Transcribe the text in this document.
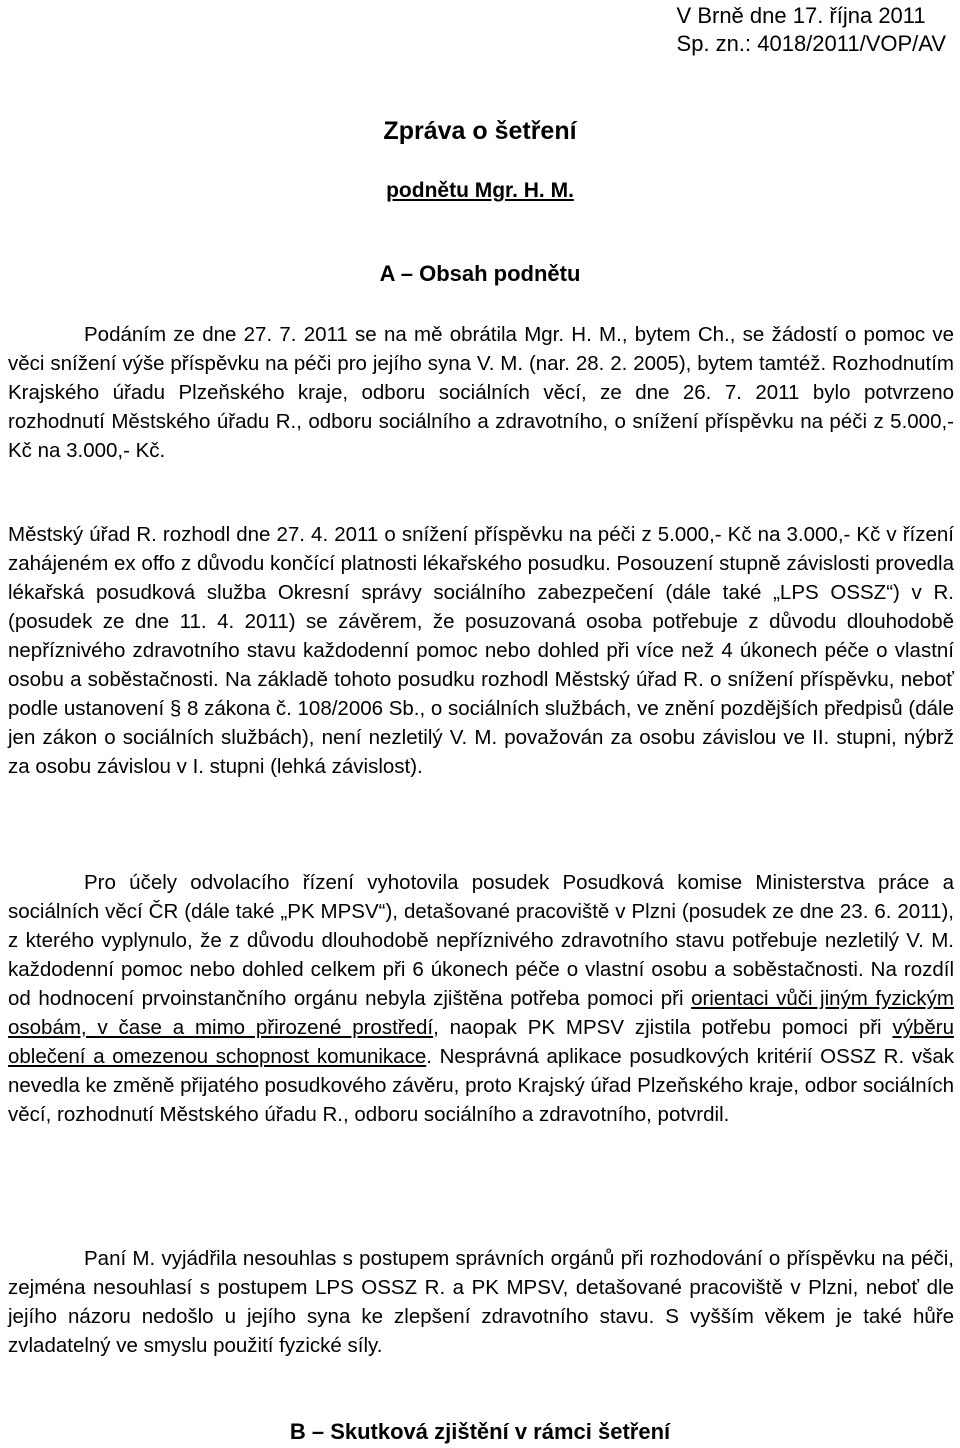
V Brně dne 17. října 2011
Sp. zn.: 4018/2011/VOP/AV
Zpráva o šetření
podnětu Mgr. H. M.
A – Obsah podnětu
Podáním ze dne 27. 7. 2011 se na mě obrátila Mgr. H. M., bytem Ch., se žádostí o pomoc ve věci snížení výše příspěvku na péči pro jejího syna V. M. (nar. 28. 2. 2005), bytem tamtéž. Rozhodnutím Krajského úřadu Plzeňského kraje, odboru sociálních věcí, ze dne 26. 7. 2011 bylo potvrzeno rozhodnutí Městského úřadu R., odboru sociálního a zdravotního, o snížení příspěvku na péči z 5.000,- Kč na 3.000,- Kč.
Městský úřad R. rozhodl dne 27. 4. 2011 o snížení příspěvku na péči z 5.000,- Kč na 3.000,- Kč v řízení zahájeném ex offo z důvodu končící platnosti lékařského posudku. Posouzení stupně závislosti provedla lékařská posudková služba Okresní správy sociálního zabezpečení (dále také „LPS OSSZ“) v R. (posudek ze dne 11. 4. 2011) se závěrem, že posuzovaná osoba potřebuje z důvodu dlouhodobě nepříznivého zdravotního stavu každodenní pomoc nebo dohled při více než 4 úkonech péče o vlastní osobu a soběstačnosti. Na základě tohoto posudku rozhodl Městský úřad R. o snížení příspěvku, neboť podle ustanovení § 8 zákona č. 108/2006 Sb., o sociálních službách, ve znění pozdějších předpisů (dále jen zákon o sociálních službách), není nezletilý V. M. považován za osobu závislou ve II. stupni, nýbrž za osobu závislou v I. stupni (lehká závislost).
Pro účely odvolacího řízení vyhotovila posudek Posudková komise Ministerstva práce a sociálních věcí ČR (dále také „PK MPSV“), detašované pracoviště v Plzni (posudek ze dne 23. 6. 2011), z kterého vyplynulo, že z důvodu dlouhodobě nepříznivého zdravotního stavu potřebuje nezletilý V. M. každodenní pomoc nebo dohled celkem při 6 úkonech péče o vlastní osobu a soběstačnosti. Na rozdíl od hodnocení prvoinstančního orgánu nebyla zjištěna potřeba pomoci při orientaci vůči jiným fyzickým osobám, v čase a mimo přirozené prostředí, naopak PK MPSV zjistila potřebu pomoci při výběru oblečení a omezenou schopnost komunikace. Nesprávná aplikace posudkových kritérií OSSZ R. však nevedla ke změně přijatého posudkového závěru, proto Krajský úřad Plzeňského kraje, odbor sociálních věcí, rozhodnutí Městského úřadu R., odboru sociálního a zdravotního, potvrdil.
Paní M. vyjádřila nesouhlas s postupem správních orgánů při rozhodování o příspěvku na péči, zejména nesouhlasí s postupem LPS OSSZ R. a PK MPSV, detašované pracoviště v Plzni, neboť dle jejího názoru nedošlo u jejího syna ke zlepšení zdravotního stavu. S vyšším věkem je také hůře zvladatelný ve smyslu použití fyzické síly.
B – Skutková zjištění v rámci šetření
